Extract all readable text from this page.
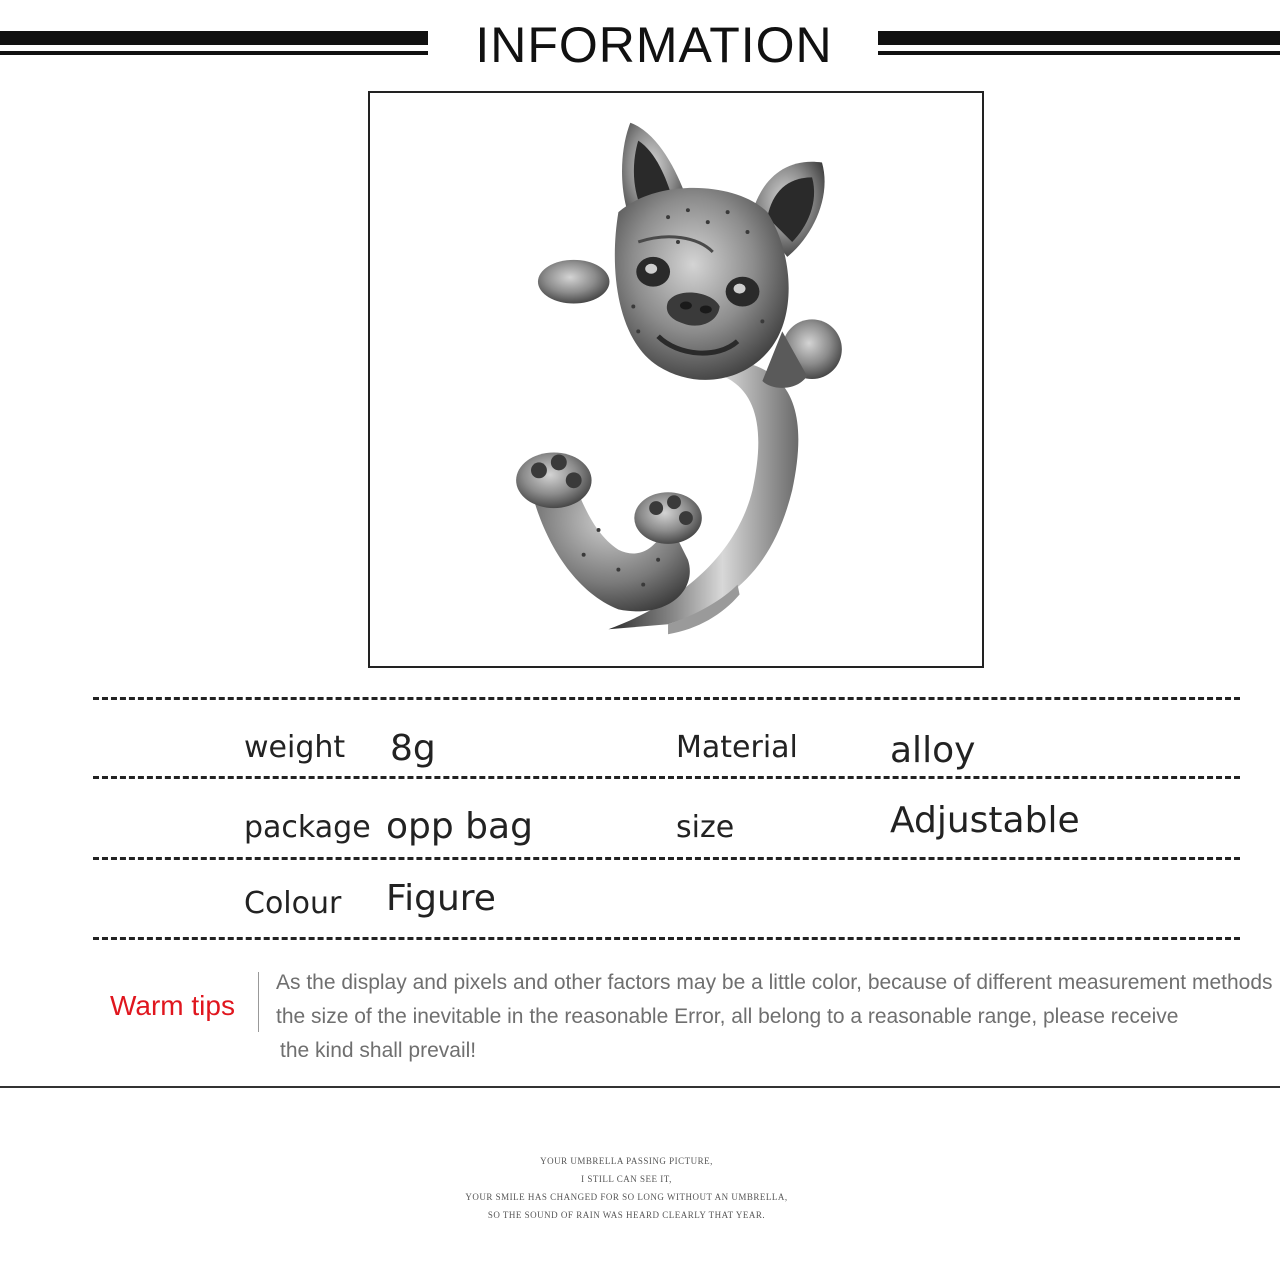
INFORMATION
weight 8g	Material	alloy
package opp bag	size	Adjustable
Colour Figure
Warm tips
As the display and pixels and other factors may be a little color, because of different measurement methods
the size of the inevitable in the reasonable Error, all belong to a reasonable range, please receive
the kind shall prevail!
YOUR UMBRELLA PASSING PICTURE,
I STILL CAN SEE IT,
YOUR SMILE HAS CHANGED FOR SO LONG WITHOUT AN UMBRELLA,
SO THE SOUND OF RAIN WAS HEARD CLEARLY THAT YEAR.
